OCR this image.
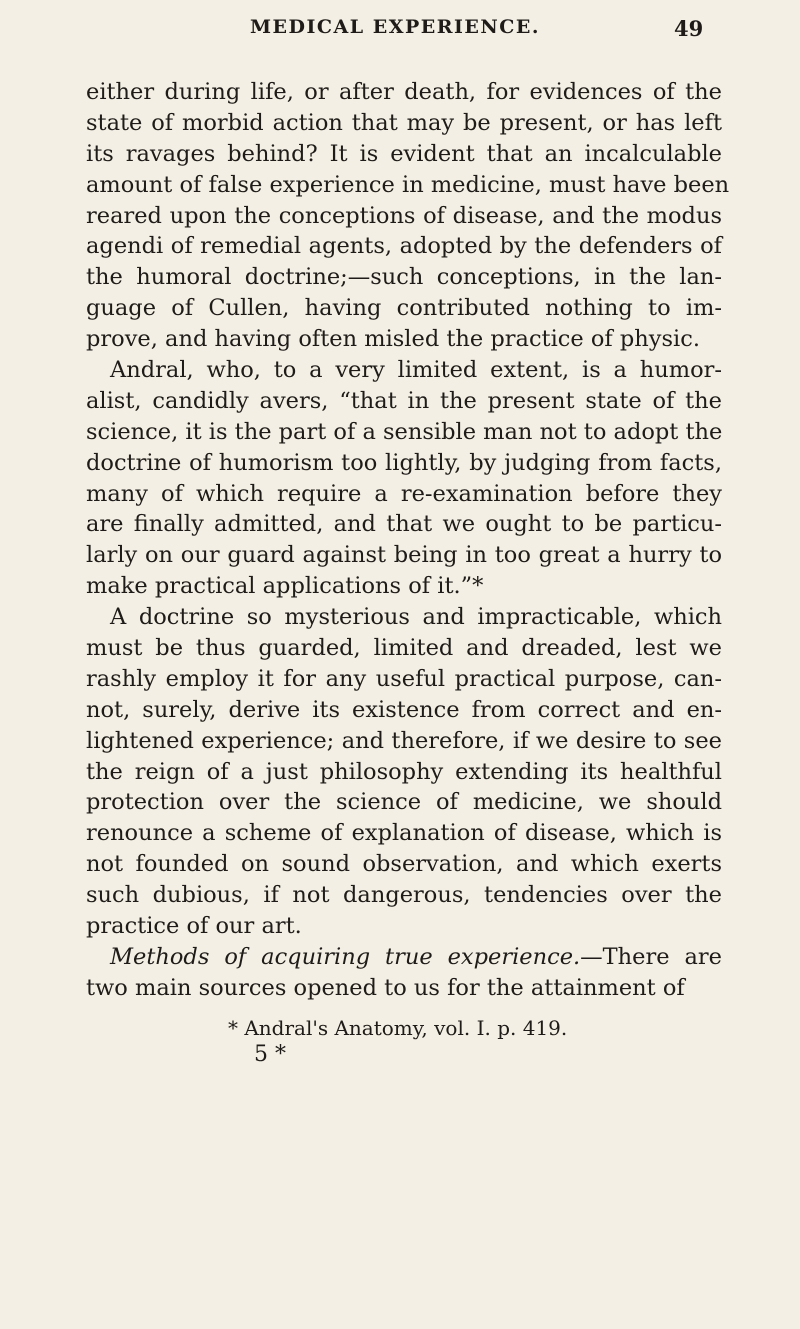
MEDICAL EXPERIENCE.	49
either during life, or after death, for evidences of the
state of morbid action that may be present, or has left
its ravages behind? It is evident that an incalculable
amount of false experience in medicine, must have been
reared upon the conceptions of disease, and the modus
agendi of remedial agents, adopted by the defenders of
the humoral doctrine;—such conceptions, in the lan-
guage of Cullen, having contributed nothing to im-
prove, and having often misled the practice of physic.
Andral, who, to a very limited extent, is a humor-
alist, candidly avers, “that in the present state of the
science, it is the part of a sensible man not to adopt the
doctrine of humorism too lightly, by judging from facts,
many of which require a re-examination before they
are finally admitted, and that we ought to be particu-
larly on our guard against being in too great a hurry to
make practical applications of it.”*
A doctrine so mysterious and impracticable, which
must be thus guarded, limited and dreaded, lest we
rashly employ it for any useful practical purpose, can-
not, surely, derive its existence from correct and en-
lightened experience; and therefore, if we desire to see
the reign of a just philosophy extending its healthful
protection over the science of medicine, we should
renounce a scheme of explanation of disease, which is
not founded on sound observation, and which exerts
such dubious, if not dangerous, tendencies over the
practice of our art.
Methods of acquiring true experience.—There are
two main sources opened to us for the attainment of
* Andral's Anatomy, vol. I. p. 419.
5 *
